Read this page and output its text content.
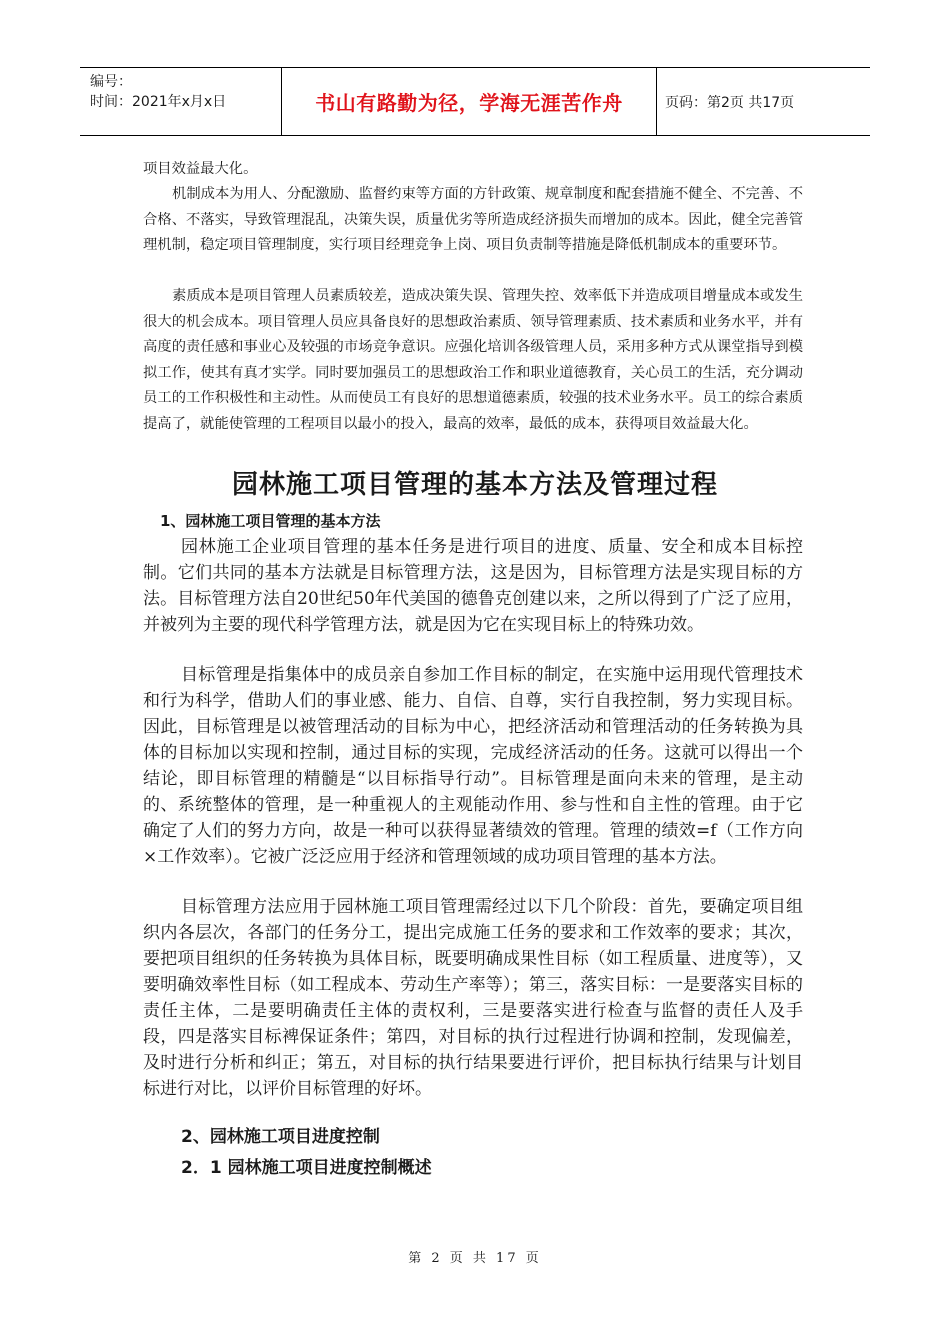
编号：
时间：2021年x月x日	书山有路勤为径，学海无涯苦作舟	页码：第2页 共17页

项目效益最大化。

机制成本为用人、分配激励、监督约束等方面的方针政策、规章制度和配套措施不健全、不完善、不合格、不落实，导致管理混乱，决策失误，质量优劣等所造成经济损失而增加的成本。因此，健全完善管理机制，稳定项目管理制度，实行项目经理竞争上岗、项目负责制等措施是降低机制成本的重要环节。

素质成本是项目管理人员素质较差，造成决策失误、管理失控、效率低下并造成项目增量成本或发生很大的机会成本。项目管理人员应具备良好的思想政治素质、领导管理素质、技术素质和业务水平，并有高度的责任感和事业心及较强的市场竞争意识。应强化培训各级管理人员，采用多种方式从课堂指导到模拟工作，使其有真才实学。同时要加强员工的思想政治工作和职业道德教育，关心员工的生活，充分调动员工的工作积极性和主动性。从而使员工有良好的思想道德素质，较强的技术业务水平。员工的综合素质提高了，就能使管理的工程项目以最小的投入，最高的效率，最低的成本，获得项目效益最大化。

园林施工项目管理的基本方法及管理过程
1、园林施工项目管理的基本方法

园林施工企业项目管理的基本任务是进行项目的进度、质量、安全和成本目标控制。它们共同的基本方法就是目标管理方法，这是因为，目标管理方法是实现目标的方法。目标管理方法自20世纪50年代美国的德鲁克创建以来，之所以得到了广泛了应用，并被列为主要的现代科学管理方法，就是因为它在实现目标上的特殊功效。

目标管理是指集体中的成员亲自参加工作目标的制定，在实施中运用现代管理技术和行为科学，借助人们的事业感、能力、自信、自尊，实行自我控制，努力实现目标。因此，目标管理是以被管理活动的目标为中心，把经济活动和管理活动的任务转换为具体的目标加以实现和控制，通过目标的实现，完成经济活动的任务。这就可以得出一个结论，即目标管理的精髓是“以目标指导行动”。目标管理是面向未来的管理，是主动的、系统整体的管理，是一种重视人的主观能动作用、参与性和自主性的管理。由于它确定了人们的努力方向，故是一种可以获得显著绩效的管理。管理的绩效=f（工作方向×工作效率）。它被广泛泛应用于经济和管理领域的成功项目管理的基本方法。

目标管理方法应用于园林施工项目管理需经过以下几个阶段：首先，要确定项目组织内各层次，各部门的任务分工，提出完成施工任务的要求和工作效率的要求；其次，要把项目组织的任务转换为具体目标，既要明确成果性目标（如工程质量、进度等），又要明确效率性目标（如工程成本、劳动生产率等）；第三，落实目标：一是要落实目标的责任主体，二是要明确责任主体的责权利，三是要落实进行检查与监督的责任人及手段，四是落实目标裨保证条件；第四，对目标的执行过程进行协调和控制，发现偏差，及时进行分析和纠正；第五，对目标的执行结果要进行评价，把目标执行结果与计划目标进行对比，以评价目标管理的好坏。

2、园林施工项目进度控制
2．1 园林施工项目进度控制概述
第 2 页 共 17 页
